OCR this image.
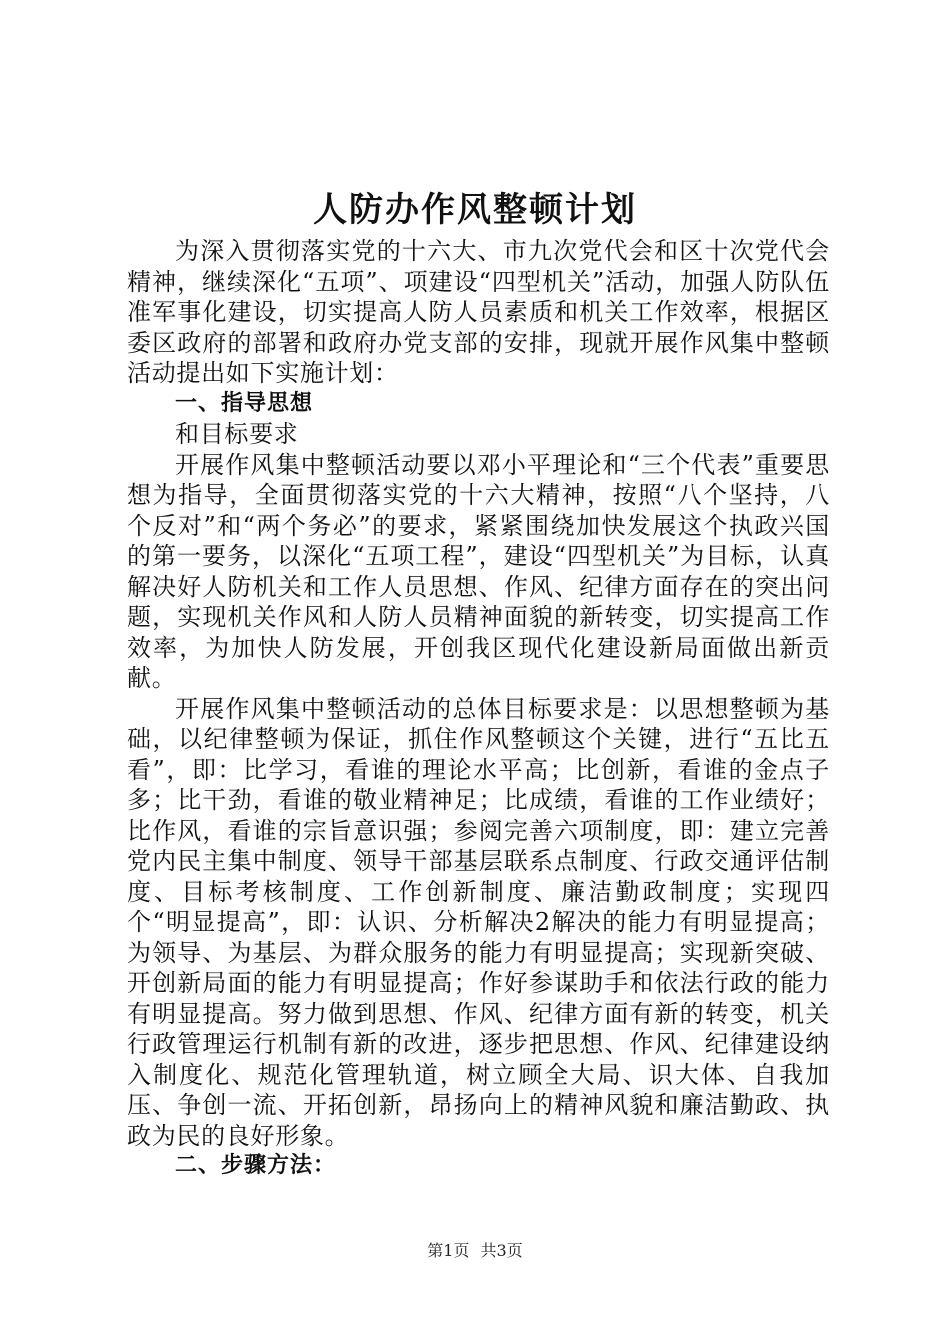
人防办作风整顿计划

为深入贯彻落实党的十六大、市九次党代会和区十次党代会精神，继续深化“五项”、项建设“四型机关”活动，加强人防队伍准军事化建设，切实提高人防人员素质和机关工作效率，根据区委区政府的部署和政府办党支部的安排，现就开展作风集中整顿活动提出如下实施计划：

一、指导思想

和目标要求

开展作风集中整顿活动要以邓小平理论和“三个代表”重要思想为指导，全面贯彻落实党的十六大精神，按照“八个坚持，八个反对”和“两个务必”的要求，紧紧围绕加快发展这个执政兴国的第一要务，以深化“五项工程”，建设“四型机关”为目标，认真解决好人防机关和工作人员思想、作风、纪律方面存在的突出问题，实现机关作风和人防人员精神面貌的新转变，切实提高工作效率，为加快人防发展，开创我区现代化建设新局面做出新贡献。

开展作风集中整顿活动的总体目标要求是：以思想整顿为基础，以纪律整顿为保证，抓住作风整顿这个关键，进行“五比五看”，即：比学习，看谁的理论水平高；比创新，看谁的金点子多；比干劲，看谁的敬业精神足；比成绩，看谁的工作业绩好；比作风，看谁的宗旨意识强；参阅完善六项制度，即：建立完善党内民主集中制度、领导干部基层联系点制度、行政交通评估制度、目标考核制度、工作创新制度、廉洁勤政制度；实现四个“明显提高”，即：认识、分析解决2解决的能力有明显提高；为领导、为基层、为群众服务的能力有明显提高；实现新突破、开创新局面的能力有明显提高；作好参谋助手和依法行政的能力有明显提高。努力做到思想、作风、纪律方面有新的转变，机关行政管理运行机制有新的改进，逐步把思想、作风、纪律建设纳入制度化、规范化管理轨道，树立顾全大局、识大体、自我加压、争创一流、开拓创新，昂扬向上的精神风貌和廉洁勤政、执政为民的良好形象。

二、步骤方法：

第1页 共3页
